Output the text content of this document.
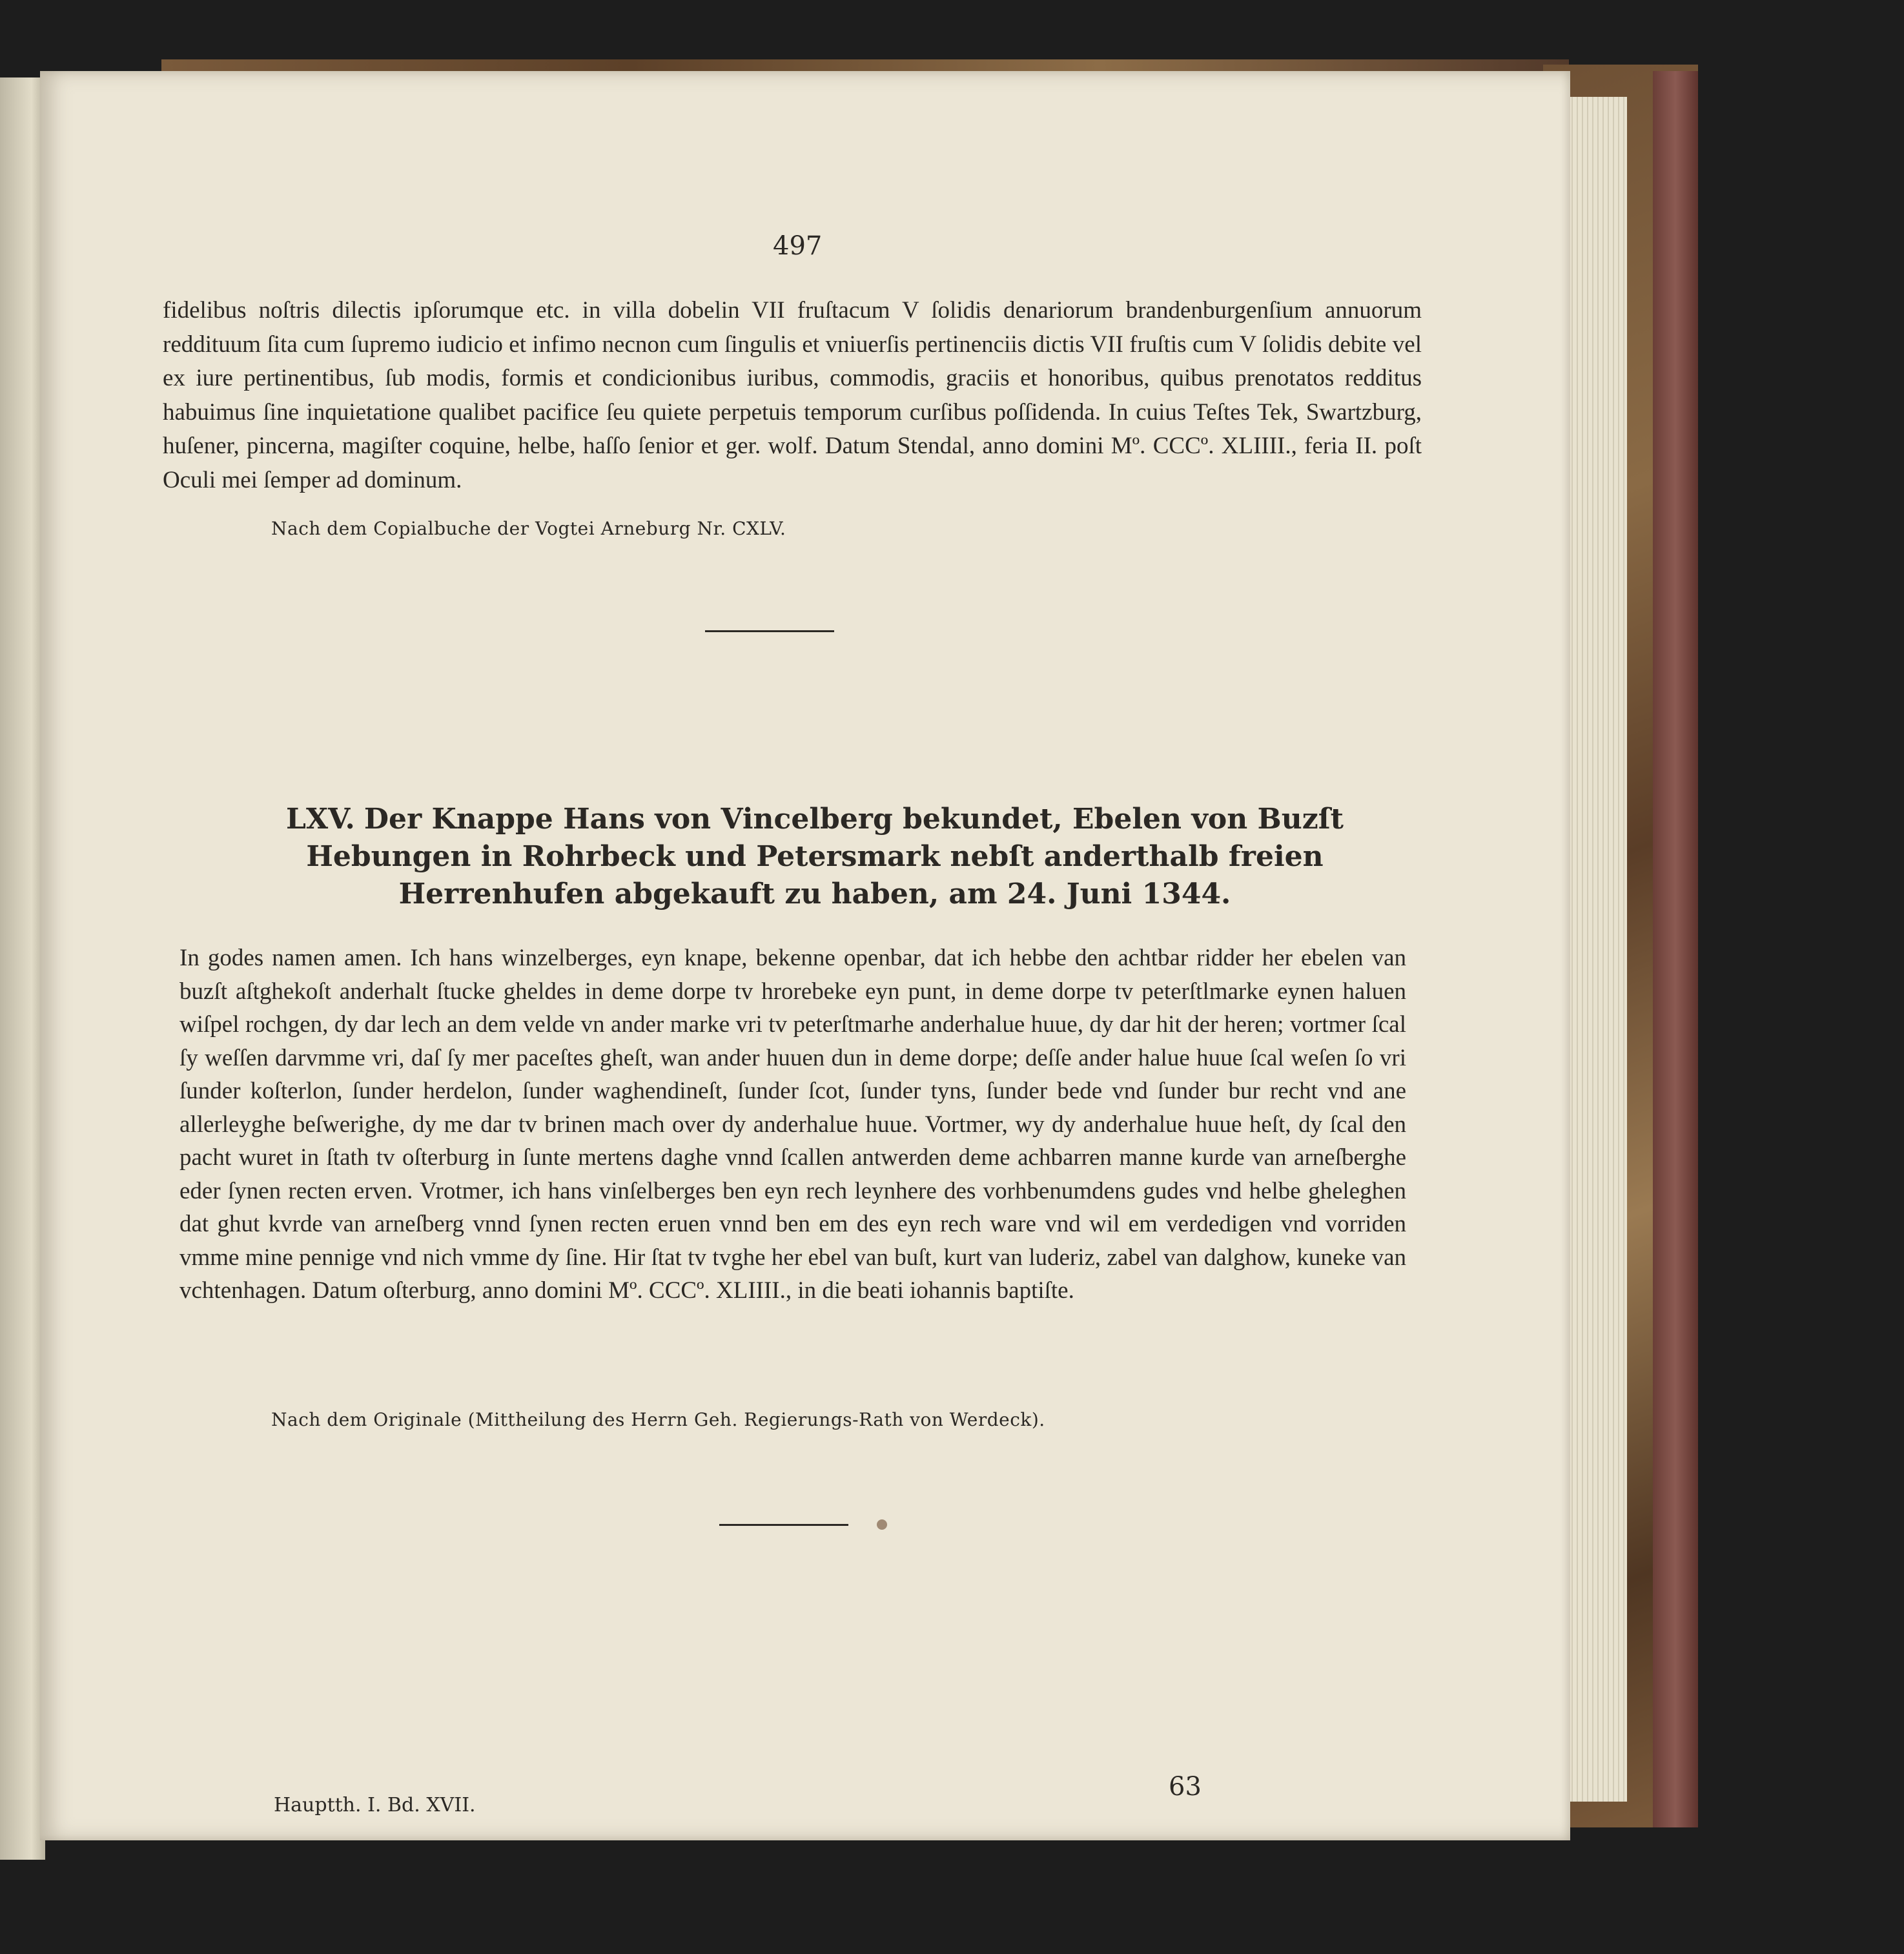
497

fidelibus noſtris dilectis ipſorumque etc. in villa dobelin VII fruſtacum V ſolidis denariorum brandenburgenſium annuorum reddituum ſita cum ſupremo iudicio et infimo necnon cum ſingulis et vniuerſis pertinenciis dictis VII fruſtis cum V ſolidis debite vel ex iure pertinentibus, ſub modis, formis et condicionibus iuribus, commodis, graciis et honoribus, quibus prenotatos redditus habuimus ſine inquietatione qualibet pacifice ſeu quiete perpetuis temporum curſibus poſſidenda. In cuius Teſtes Tek, Swartzburg, huſener, pincerna, magiſter coquine, helbe, haſſo ſenior et ger. wolf. Datum Stendal, anno domini Mº. CCCº. XLIIII., feria II. poſt Oculi mei ſemper ad dominum.

Nach dem Copialbuche der Vogtei Arneburg Nr. CXLV.

LXV. Der Knappe Hans von Vincelberg bekundet, Ebelen von Buzſt Hebungen in Rohrbeck und Petersmark nebſt anderthalb freien Herrenhufen abgekauft zu haben, am 24. Juni 1344.

In godes namen amen. Ich hans winzelberges, eyn knape, bekenne openbar, dat ich hebbe den achtbar ridder her ebelen van buzſt aſtghekoſt anderhalt ſtucke gheldes in deme dorpe tv hrorebeke eyn punt, in deme dorpe tv peterſtlmarke eynen haluen wiſpel rochgen, dy dar lech an dem velde vn ander marke vri tv peterſtmarhe anderhalue huue, dy dar hit der heren; vortmer ſcal ſy weſſen darvmme vri, daſ ſy mer paceſtes gheſt, wan ander huuen dun in deme dorpe; deſſe ander halue huue ſcal weſen ſo vri ſunder koſterlon, ſunder herdelon, ſunder waghendineſt, ſunder ſcot, ſunder tyns, ſunder bede vnd ſunder bur recht vnd ane allerleyghe beſwerighe, dy me dar tv brinen mach over dy anderhalue huue. Vortmer, wy dy anderhalue huue heſt, dy ſcal den pacht wuret in ſtath tv oſterburg in ſunte mertens daghe vnnd ſcallen antwerden deme achbarren manne kurde van arneſberghe eder ſynen recten erven. Vrotmer, ich hans vinſelberges ben eyn rech leynhere des vorhbenumdens gudes vnd helbe gheleghen dat ghut kvrde van arneſberg vnnd ſynen recten eruen vnnd ben em des eyn rech ware vnd wil em verdedigen vnd vorriden vmme mine pennige vnd nich vmme dy ſine. Hir ſtat tv tvghe her ebel van buſt, kurt van luderiz, zabel van dalghow, kuneke van vchtenhagen. Datum oſterburg, anno domini Mº. CCCº. XLIIII., in die beati iohannis baptiſte.

Nach dem Originale (Mittheilung des Herrn Geh. Regierungs-Rath von Werdeck).

Hauptth. I. Bd. XVII.

63
